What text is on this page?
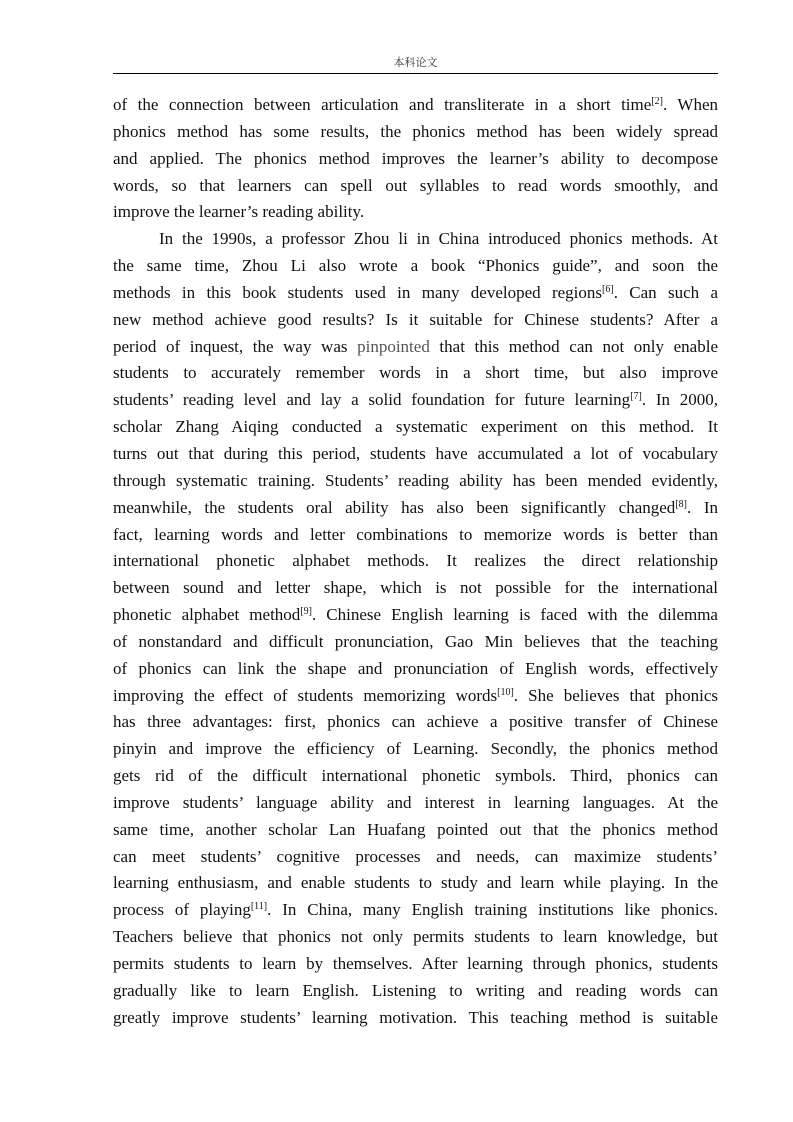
本科论文
of the connection between articulation and transliterate in a short time[2]. When
phonics method has some results, the phonics method has been widely spread
and applied. The phonics method improves the learner’s ability to decompose
words, so that learners can spell out syllables to read words smoothly, and
improve the learner’s reading ability.
In the 1990s, a professor Zhou li in China introduced phonics methods. At
the same time, Zhou Li also wrote a book “Phonics guide”, and soon the
methods in this book students used in many developed regions[6]. Can such a
new method achieve good results? Is it suitable for Chinese students? After a
period of inquest, the way was pinpointed that this method can not only enable
students to accurately remember words in a short time, but also improve
students’ reading level and lay a solid foundation for future learning[7]. In 2000,
scholar Zhang Aiqing conducted a systematic experiment on this method. It
turns out that during this period, students have accumulated a lot of vocabulary
through systematic training. Students’ reading ability has been mended evidently,
meanwhile, the students oral ability has also been significantly changed[8]. In
fact, learning words and letter combinations to memorize words is better than
international phonetic alphabet methods. It realizes the direct relationship
between sound and letter shape, which is not possible for the international
phonetic alphabet method[9]. Chinese English learning is faced with the dilemma
of nonstandard and difficult pronunciation, Gao Min believes that the teaching
of phonics can link the shape and pronunciation of English words, effectively
improving the effect of students memorizing words[10]. She believes that phonics
has three advantages: first, phonics can achieve a positive transfer of Chinese
pinyin and improve the efficiency of Learning. Secondly, the phonics method
gets rid of the difficult international phonetic symbols. Third, phonics can
improve students’ language ability and interest in learning languages. At the
same time, another scholar Lan Huafang pointed out that the phonics method
can meet students’ cognitive processes and needs, can maximize students’
learning enthusiasm, and enable students to study and learn while playing. In the
process of playing[11]. In China, many English training institutions like phonics.
Teachers believe that phonics not only permits students to learn knowledge, but
permits students to learn by themselves. After learning through phonics, students
gradually like to learn English. Listening to writing and reading words can
greatly improve students’ learning motivation. This teaching method is suitable
